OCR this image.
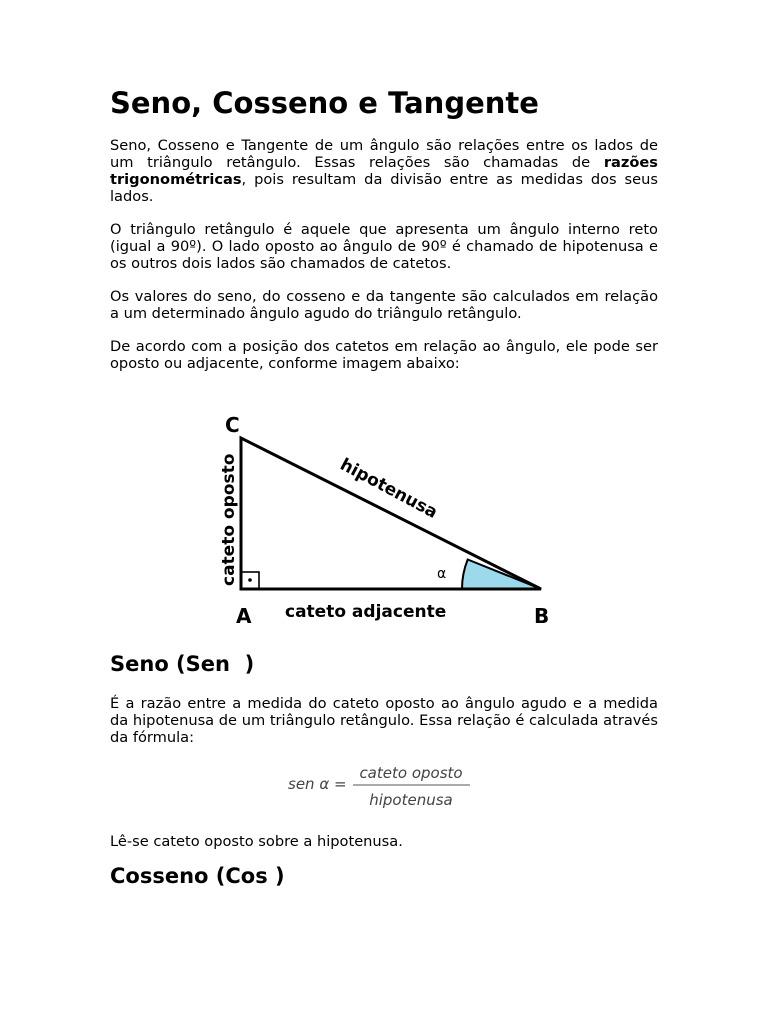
Seno, Cosseno e Tangente

Seno, Cosseno e Tangente de um ângulo são relações entre os lados de um triângulo retângulo. Essas relações são chamadas de razões trigonométricas, pois resultam da divisão entre as medidas dos seus lados.

O triângulo retângulo é aquele que apresenta um ângulo interno reto (igual a 90º). O lado oposto ao ângulo de 90º é chamado de hipotenusa e os outros dois lados são chamados de catetos.

Os valores do seno, do cosseno e da tangente são calculados em relação a um determinado ângulo agudo do triângulo retângulo.

De acordo com a posição dos catetos em relação ao ângulo, ele pode ser oposto ou adjacente, conforme imagem abaixo:

C
A	B
hipotenusa
cateto oposto
cateto adjacente
α
Seno (Sen  )

É a razão entre a medida do cateto oposto ao ângulo agudo e a medida da hipotenusa de um triângulo retângulo. Essa relação é calculada através da fórmula:

sen α =
cateto oposto
hipotenusa

Lê-se cateto oposto sobre a hipotenusa.

Cosseno (Cos )
